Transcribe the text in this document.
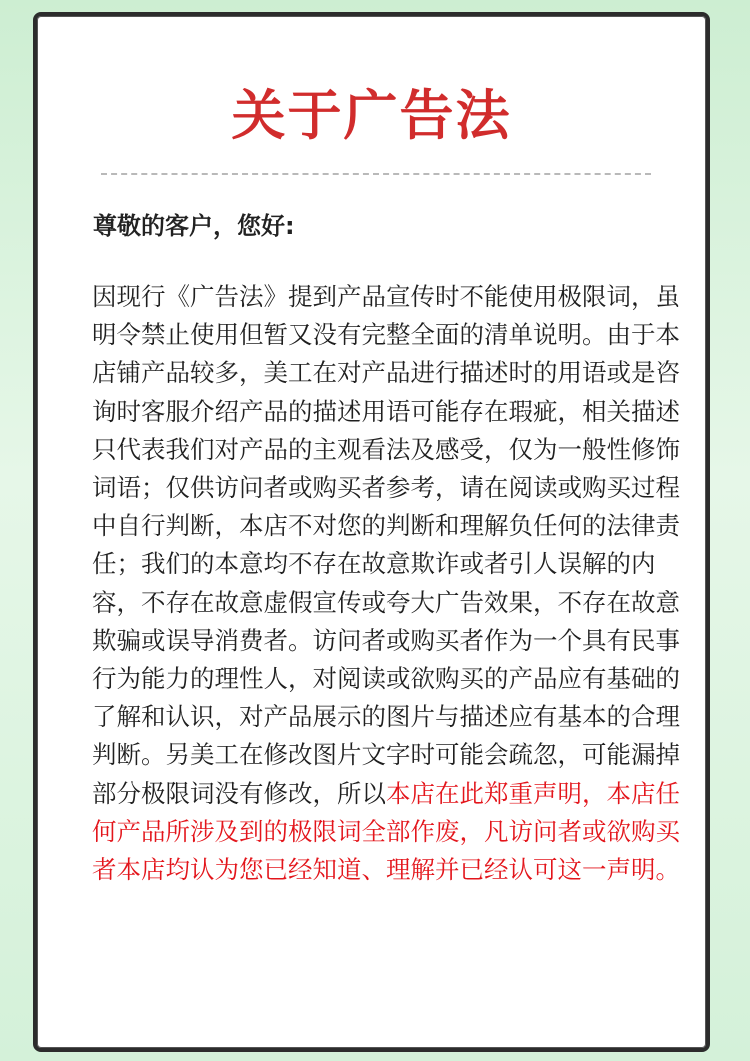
关于广告法

尊敬的客户，您好:

因现行《广告法》提到产品宣传时不能使用极限词，虽明令禁止使用但暂又没有完整全面的清单说明。由于本店铺产品较多，美工在对产品进行描述时的用语或是咨询时客服介绍产品的描述用语可能存在瑕疵，相关描述只代表我们对产品的主观看法及感受，仅为一般性修饰词语；仅供访问者或购买者参考，请在阅读或购买过程中自行判断，本店不对您的判断和理解负任何的法律责任；我们的本意均不存在故意欺诈或者引人误解的内容，不存在故意虚假宣传或夸大广告效果，不存在故意欺骗或误导消费者。访问者或购买者作为一个具有民事行为能力的理性人，对阅读或欲购买的产品应有基础的了解和认识，对产品展示的图片与描述应有基本的合理判断。另美工在修改图片文字时可能会疏忽，可能漏掉部分极限词没有修改，所以本店在此郑重声明，本店任何产品所涉及到的极限词全部作废，凡访问者或欲购买者本店均认为您已经知道、理解并已经认可这一声明。
